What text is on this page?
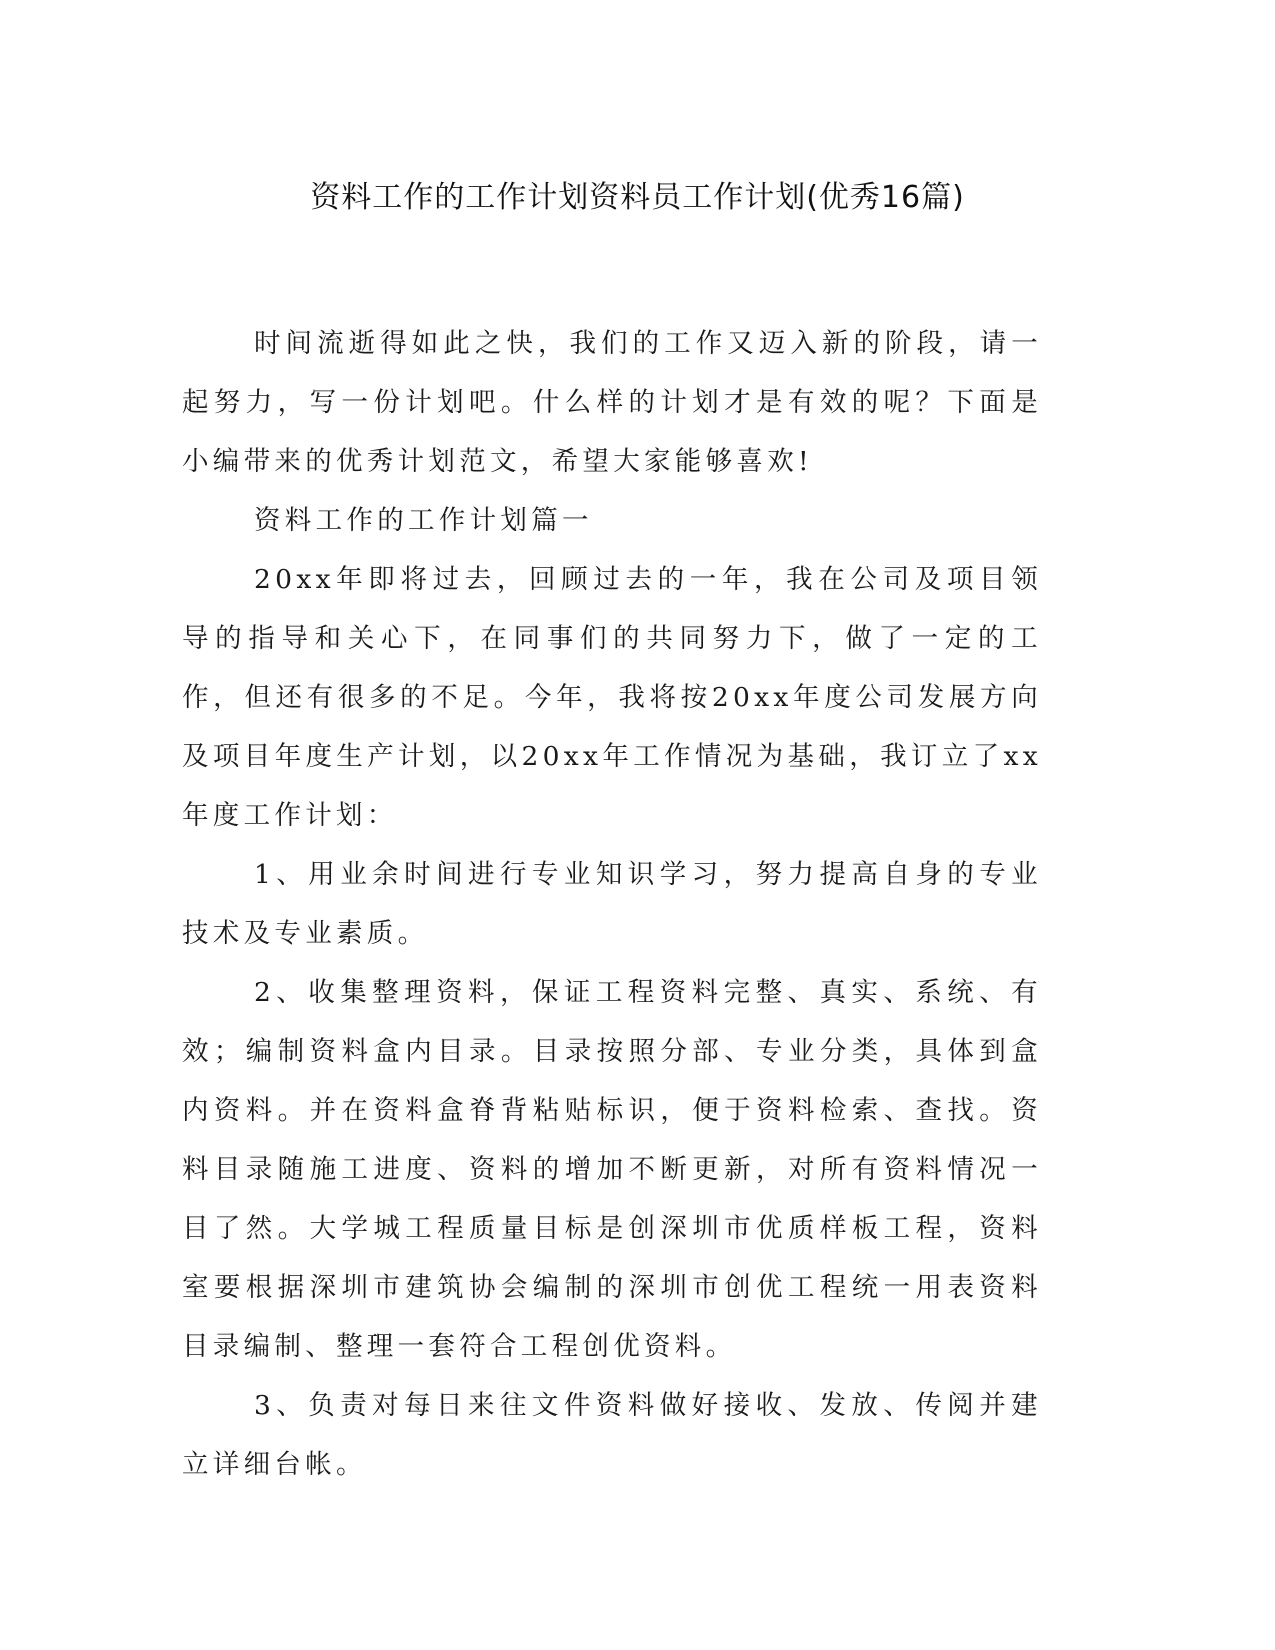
资料工作的工作计划资料员工作计划(优秀16篇)

时间流逝得如此之快，我们的工作又迈入新的阶段，请一起努力，写一份计划吧。什么样的计划才是有效的呢？下面是小编带来的优秀计划范文，希望大家能够喜欢!

资料工作的工作计划篇一

20xx年即将过去，回顾过去的一年，我在公司及项目领导的指导和关心下，在同事们的共同努力下，做了一定的工作，但还有很多的不足。今年，我将按20xx年度公司发展方向及项目年度生产计划，以20xx年工作情况为基础，我订立了xx年度工作计划：

1、用业余时间进行专业知识学习，努力提高自身的专业技术及专业素质。

2、收集整理资料，保证工程资料完整、真实、系统、有效；编制资料盒内目录。目录按照分部、专业分类，具体到盒内资料。并在资料盒脊背粘贴标识，便于资料检索、查找。资料目录随施工进度、资料的增加不断更新，对所有资料情况一目了然。大学城工程质量目标是创深圳市优质样板工程，资料室要根据深圳市建筑协会编制的深圳市创优工程统一用表资料目录编制、整理一套符合工程创优资料。

3、负责对每日来往文件资料做好接收、发放、传阅并建立详细台帐。
